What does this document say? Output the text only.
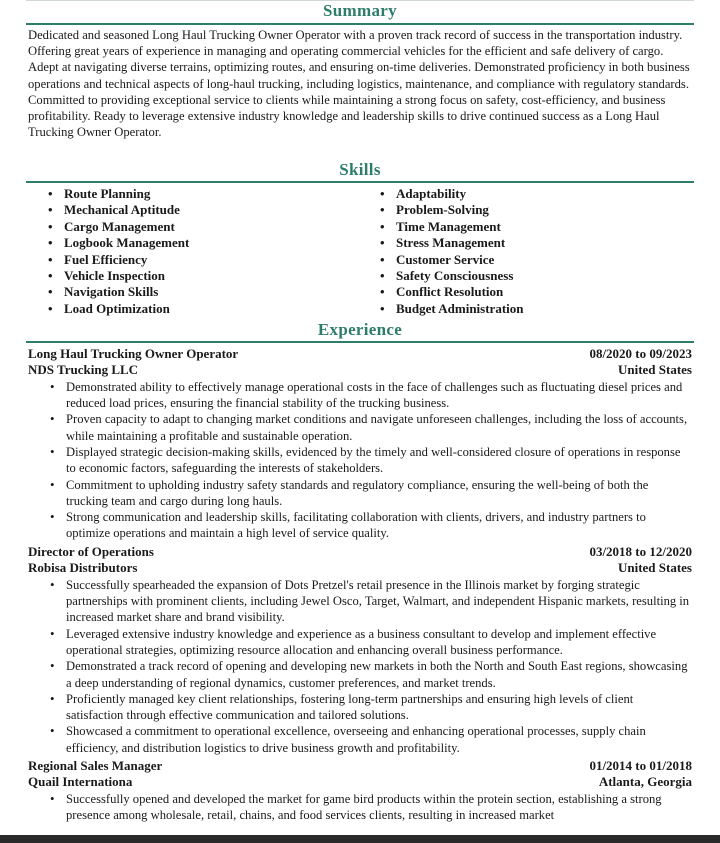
Summary

Dedicated and seasoned Long Haul Trucking Owner Operator with a proven track record of success in the transportation industry. Offering great years of experience in managing and operating commercial vehicles for the efficient and safe delivery of cargo. Adept at navigating diverse terrains, optimizing routes, and ensuring on-time deliveries. Demonstrated proficiency in both business operations and technical aspects of long-haul trucking, including logistics, maintenance, and compliance with regulatory standards. Committed to providing exceptional service to clients while maintaining a strong focus on safety, cost-efficiency, and business profitability. Ready to leverage extensive industry knowledge and leadership skills to drive continued success as a Long Haul Trucking Owner Operator.

Skills
• Route Planning
• Mechanical Aptitude
• Cargo Management
• Logbook Management
• Fuel Efficiency
• Vehicle Inspection
• Navigation Skills
• Load Optimization
• Adaptability
• Problem-Solving
• Time Management
• Stress Management
• Customer Service
• Safety Consciousness
• Conflict Resolution
• Budget Administration
Experience
Long Haul Trucking Owner Operator	08/2020 to 09/2023
NDS Trucking LLC	United States
• Demonstrated ability to effectively manage operational costs in the face of challenges such as fluctuating diesel prices and reduced load prices, ensuring the financial stability of the trucking business.
• Proven capacity to adapt to changing market conditions and navigate unforeseen challenges, including the loss of accounts, while maintaining a profitable and sustainable operation.
• Displayed strategic decision-making skills, evidenced by the timely and well-considered closure of operations in response to economic factors, safeguarding the interests of stakeholders.
• Commitment to upholding industry safety standards and regulatory compliance, ensuring the well-being of both the trucking team and cargo during long hauls.
• Strong communication and leadership skills, facilitating collaboration with clients, drivers, and industry partners to optimize operations and maintain a high level of service quality.
Director of Operations	03/2018 to 12/2020
Robisa Distributors	United States
• Successfully spearheaded the expansion of Dots Pretzel's retail presence in the Illinois market by forging strategic partnerships with prominent clients, including Jewel Osco, Target, Walmart, and independent Hispanic markets, resulting in increased market share and brand visibility.
• Leveraged extensive industry knowledge and experience as a business consultant to develop and implement effective operational strategies, optimizing resource allocation and enhancing overall business performance.
• Demonstrated a track record of opening and developing new markets in both the North and South East regions, showcasing a deep understanding of regional dynamics, customer preferences, and market trends.
• Proficiently managed key client relationships, fostering long-term partnerships and ensuring high levels of client satisfaction through effective communication and tailored solutions.
• Showcased a commitment to operational excellence, overseeing and enhancing operational processes, supply chain efficiency, and distribution logistics to drive business growth and profitability.
Regional Sales Manager	01/2014 to 01/2018
Quail Internationa	Atlanta, Georgia
• Successfully opened and developed the market for game bird products within the protein section, establishing a strong presence among wholesale, retail, chains, and food services clients, resulting in increased market
